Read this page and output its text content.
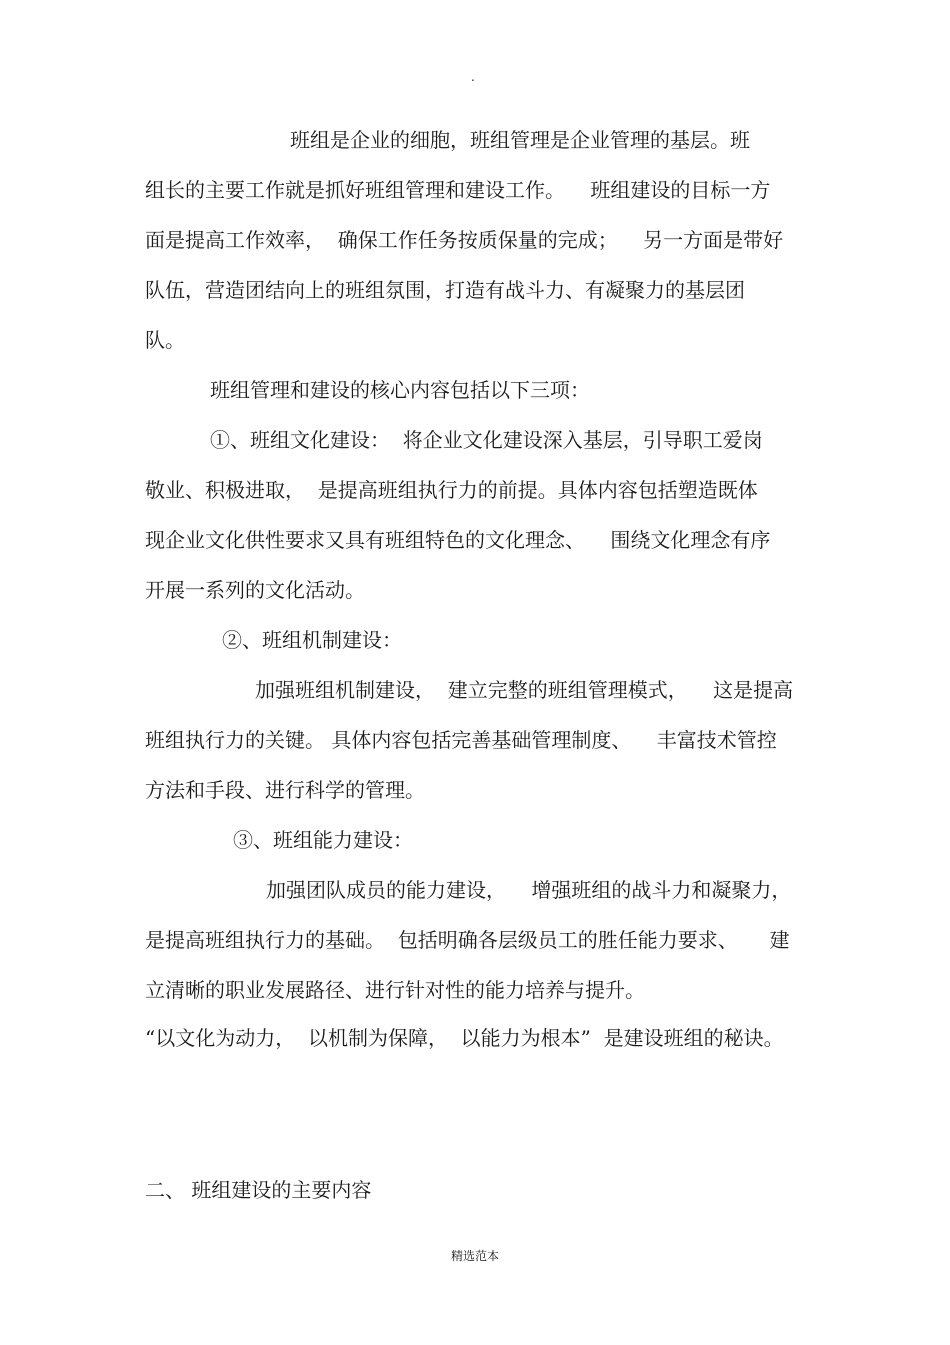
.
班组是企业的细胞，班组管理是企业管理的基层。班
组长的主要工作就是抓好班组管理和建设工作。    班组建设的目标一方
面是提高工作效率，  确保工作任务按质保量的完成；    另一方面是带好
队伍，营造团结向上的班组氛围，打造有战斗力、有凝聚力的基层团
队。
班组管理和建设的核心内容包括以下三项：
①、班组文化建设：  将企业文化建设深入基层，引导职工爱岗
敬业、积极进取，  是提高班组执行力的前提。具体内容包括塑造既体
现企业文化供性要求又具有班组特色的文化理念、    围绕文化理念有序
开展一系列的文化活动。
②、班组机制建设：
加强班组机制建设，  建立完整的班组管理模式，    这是提高
班组执行力的关键。 具体内容包括完善基础管理制度、    丰富技术管控
方法和手段、进行科学的管理。
③、班组能力建设：
加强团队成员的能力建设，    增强班组的战斗力和凝聚力，
是提高班组执行力的基础。  包括明确各层级员工的胜任能力要求、     建
立清晰的职业发展路径、进行针对性的能力培养与提升。
“以文化为动力，  以机制为保障，  以能力为根本”  是建设班组的秘诀。
二、 班组建设的主要内容
精选范本
